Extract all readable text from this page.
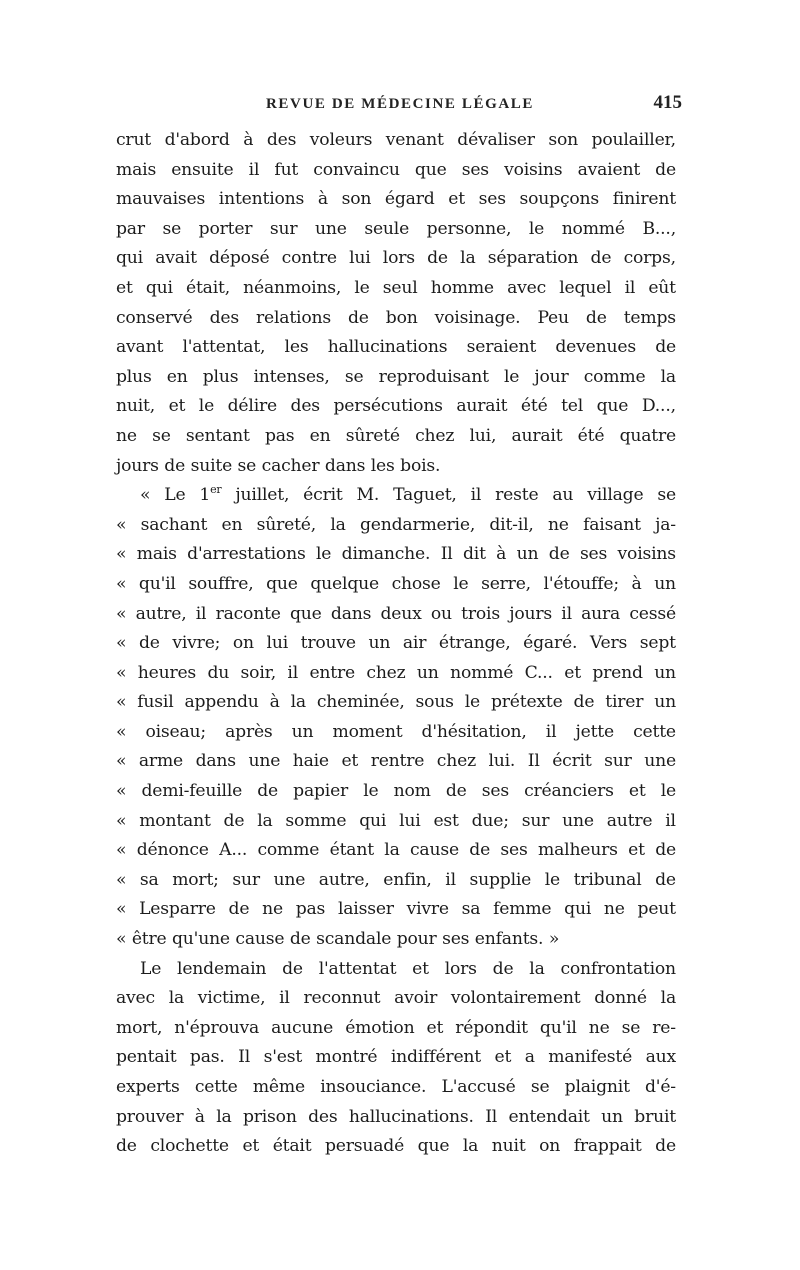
REVUE DE MÉDECINE LÉGALE	415
crut d'abord à des voleurs venant dévaliser son poulailler,
mais ensuite il fut convaincu que ses voisins avaient de
mauvaises intentions à son égard et ses soupçons finirent
par se porter sur une seule personne, le nommé B...,
qui avait déposé contre lui lors de la séparation de corps,
et qui était, néanmoins, le seul homme avec lequel il eût
conservé des relations de bon voisinage. Peu de temps
avant l'attentat, les hallucinations seraient devenues de
plus en plus intenses, se reproduisant le jour comme la
nuit, et le délire des persécutions aurait été tel que D...,
ne se sentant pas en sûreté chez lui, aurait été quatre
jours de suite se cacher dans les bois.
« Le 1er juillet, écrit M. Taguet, il reste au village se
« sachant en sûreté, la gendarmerie, dit-il, ne faisant ja-
« mais d'arrestations le dimanche. Il dit à un de ses voisins
« qu'il souffre, que quelque chose le serre, l'étouffe; à un
« autre, il raconte que dans deux ou trois jours il aura cessé
« de vivre; on lui trouve un air étrange, égaré. Vers sept
« heures du soir, il entre chez un nommé C... et prend un
« fusil appendu à la cheminée, sous le prétexte de tirer un
« oiseau; après un moment d'hésitation, il jette cette
« arme dans une haie et rentre chez lui. Il écrit sur une
« demi-feuille de papier le nom de ses créanciers et le
« montant de la somme qui lui est due; sur une autre il
« dénonce A... comme étant la cause de ses malheurs et de
« sa mort; sur une autre, enfin, il supplie le tribunal de
« Lesparre de ne pas laisser vivre sa femme qui ne peut
« être qu'une cause de scandale pour ses enfants. »
Le lendemain de l'attentat et lors de la confrontation
avec la victime, il reconnut avoir volontairement donné la
mort, n'éprouva aucune émotion et répondit qu'il ne se re-
pentait pas. Il s'est montré indifférent et a manifesté aux
experts cette même insouciance. L'accusé se plaignit d'é-
prouver à la prison des hallucinations. Il entendait un bruit
de clochette et était persuadé que la nuit on frappait de
